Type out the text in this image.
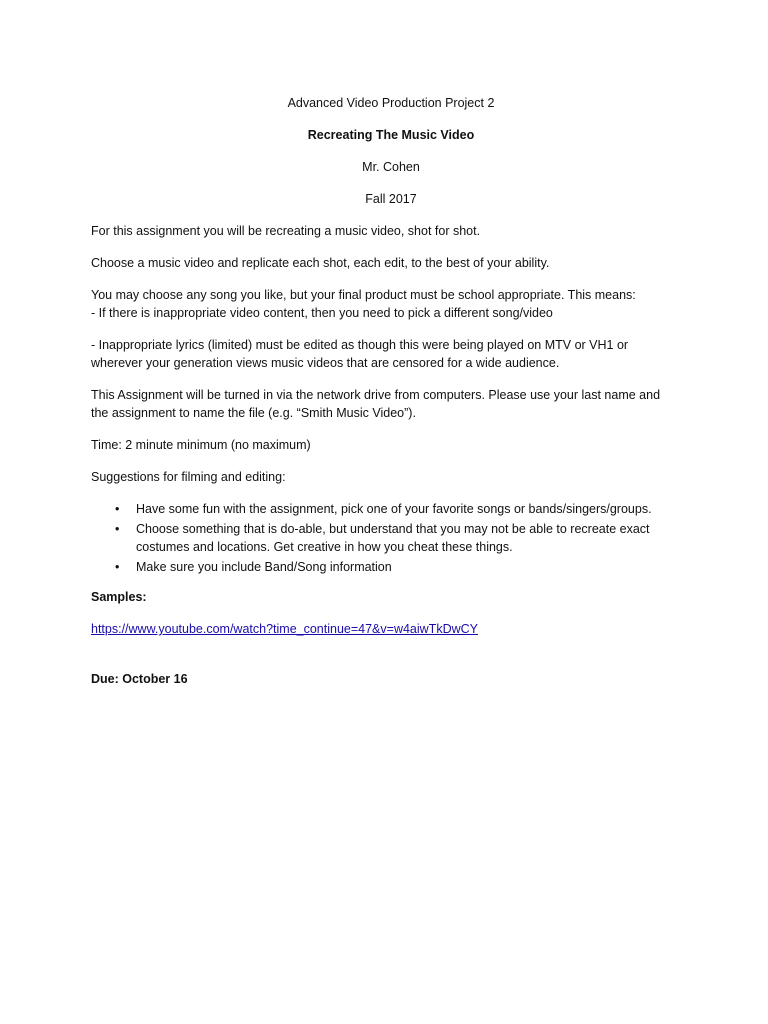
Advanced Video Production Project 2
Recreating The Music Video
Mr. Cohen
Fall 2017

For this assignment you will be recreating a music video, shot for shot.

Choose a music video and replicate each shot, each edit, to the best of your ability.

You may choose any song you like, but your final product must be school appropriate. This means:
- If there is inappropriate video content, then you need to pick a different song/video

- Inappropriate lyrics (limited) must be edited as though this were being played on MTV or VH1 or
wherever your generation views music videos that are censored for a wide audience.

This Assignment will be turned in via the network drive from computers. Please use your last name and
the assignment to name the file (e.g. “Smith Music Video”).

Time: 2 minute minimum (no maximum)

Suggestions for filming and editing:

• Have some fun with the assignment, pick one of your favorite songs or bands/singers/groups.
• Choose something that is do-able, but understand that you may not be able to recreate exact
costumes and locations. Get creative in how you cheat these things.
• Make sure you include Band/Song information

Samples:

https://www.youtube.com/watch?time_continue=47&v=w4aiwTkDwCY

Due: October 16
